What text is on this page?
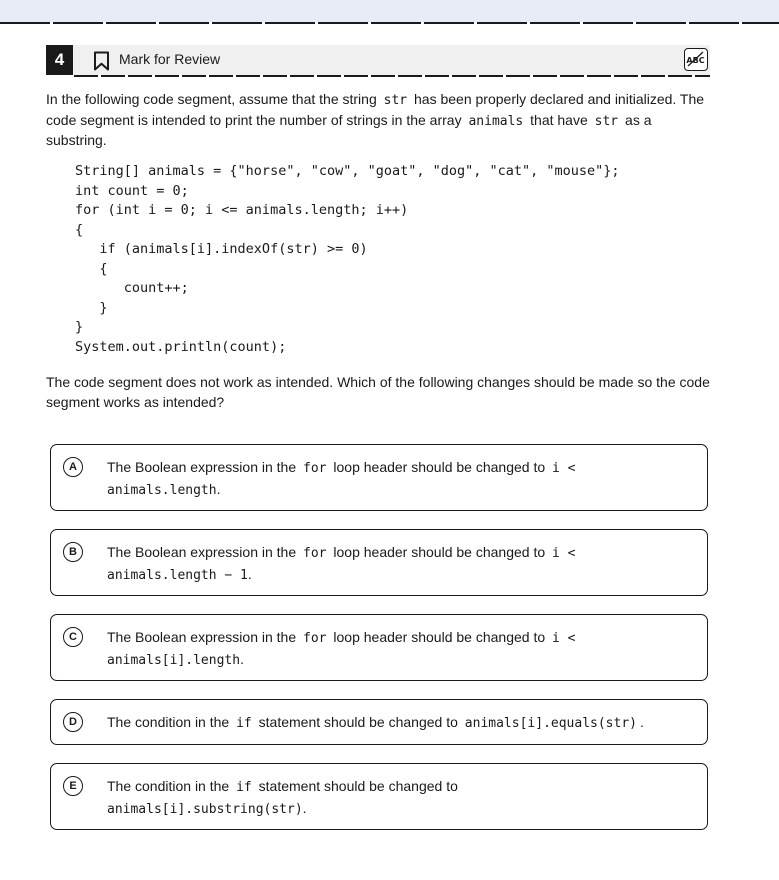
4	Mark for Review	ABC
In the following code segment, assume that the string str has been properly declared and initialized. The code segment is intended to print the number of strings in the array animals that have str as a substring.
String[] animals = {"horse", "cow", "goat", "dog", "cat", "mouse"};
int count = 0;
for (int i = 0; i <= animals.length; i++)
{
if (animals[i].indexOf(str) >= 0)
{
count++;
}
}
System.out.println(count);
The code segment does not work as intended. Which of the following changes should be made so the code segment works as intended?
A	The Boolean expression in the for loop header should be changed to i <
animals.length.
B	The Boolean expression in the for loop header should be changed to i <
animals.length − 1.
C	The Boolean expression in the for loop header should be changed to i <
animals[i].length.
D	The condition in the if statement should be changed to animals[i].equals(str) .
E	The condition in the if statement should be changed to
animals[i].substring(str).
